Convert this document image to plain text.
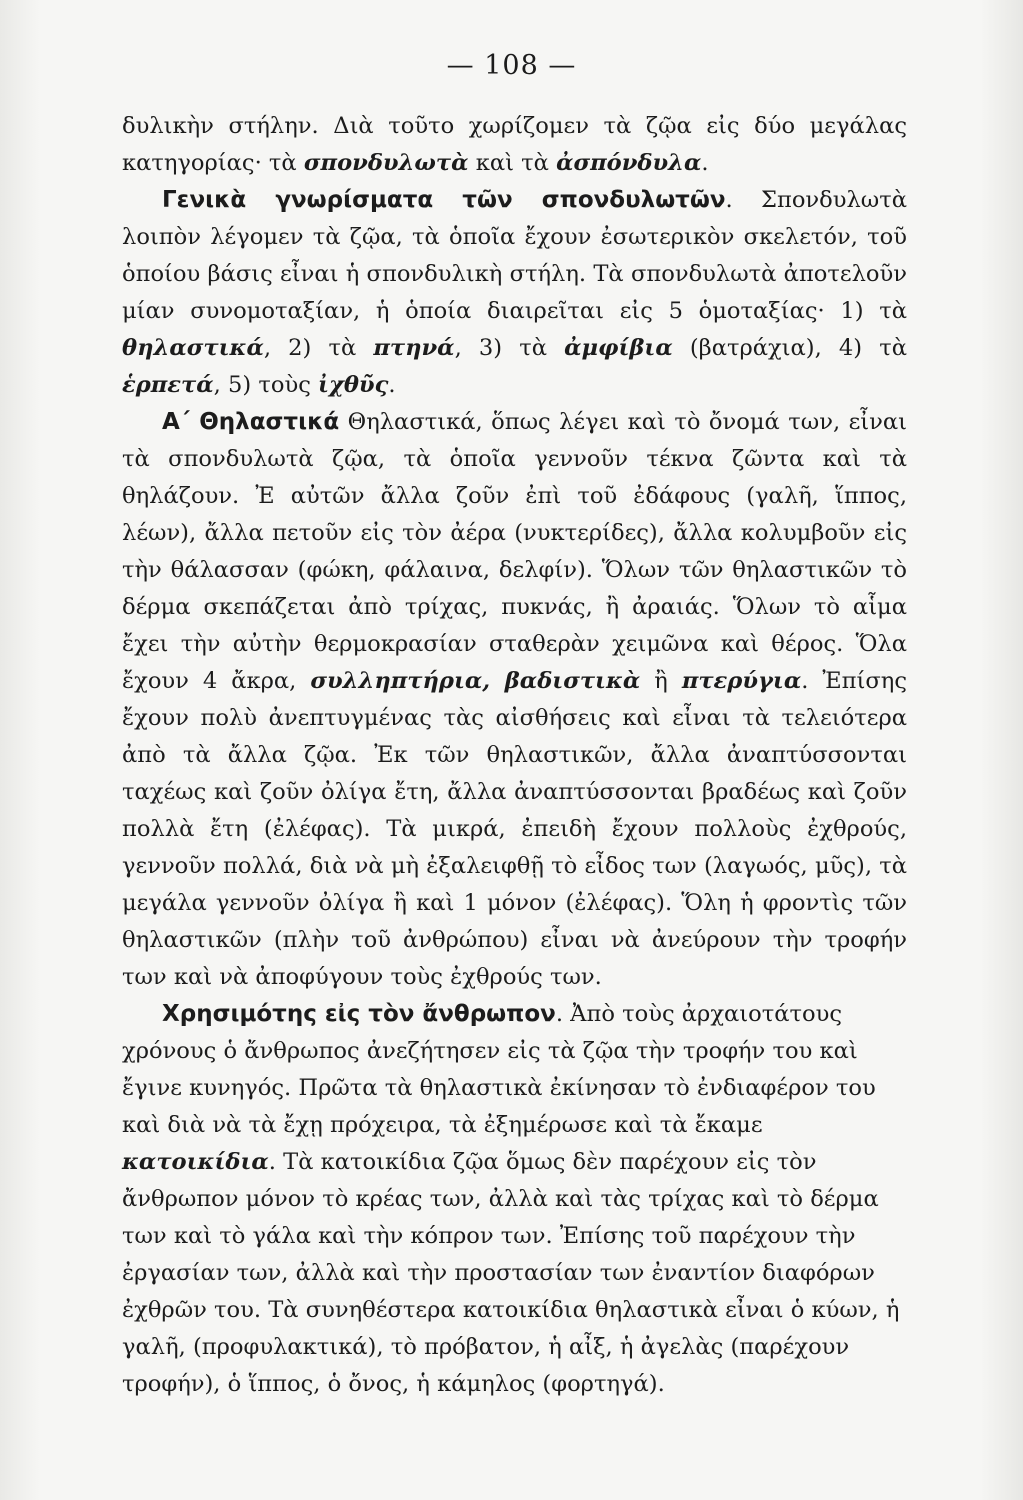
— 108 —

δυλικὴν στήλην. Διὰ τοῦτο χωρίζομεν τὰ ζῷα εἰς δύο μεγάλας κατηγορίας· τὰ σπονδυλωτὰ καὶ τὰ ἀσπόνδυλα.

Γενικὰ γνωρίσματα τῶν σπονδυλωτῶν. Σπονδυλωτὰ λοιπὸν λέγομεν τὰ ζῷα, τὰ ὁποῖα ἔχουν ἐσωτερικὸν σκελετόν, τοῦ ὁποίου βάσις εἶναι ἡ σπονδυλικὴ στήλη. Τὰ σπονδυλωτὰ ἀποτελοῦν μίαν συνομοταξίαν, ἡ ὁποία διαιρεῖται εἰς 5 ὁμοταξίας· 1) τὰ θηλαστικά, 2) τὰ πτηνά, 3) τὰ ἀμφίβια (βατράχια), 4) τὰ ἑρπετά, 5) τοὺς ἰχθῦς.

Α΄ Θηλαστικά Θηλαστικά, ὅπως λέγει καὶ τὸ ὄνομά των, εἶναι τὰ σπονδυλωτὰ ζῷα, τὰ ὁποῖα γεννοῦν τέκνα ζῶντα καὶ τὰ θηλάζουν. Ἐ αὐτῶν ἄλλα ζοῦν ἐπὶ τοῦ ἐδάφους (γαλῆ, ἵππος, λέων), ἄλλα πετοῦν εἰς τὸν ἀέρα (νυκτερίδες), ἄλλα κολυμβοῦν εἰς τὴν θάλασσαν (φώκη, φάλαινα, δελφίν). Ὅλων τῶν θηλαστικῶν τὸ δέρμα σκεπάζεται ἀπὸ τρίχας, πυκνάς, ἢ ἀραιάς. Ὅλων τὸ αἷμα ἔχει τὴν αὐτὴν θερμοκρασίαν σταθερὰν χειμῶνα καὶ θέρος. Ὅλα ἔχουν 4 ἄκρα, συλληπτήρια, βαδιστικὰ ἢ πτερύγια. Ἐπίσης ἔχουν πολὺ ἀνεπτυγμένας τὰς αἰσθήσεις καὶ εἶναι τὰ τελειότερα ἀπὸ τὰ ἄλλα ζῷα. Ἐκ τῶν θηλαστικῶν, ἄλλα ἀναπτύσσονται ταχέως καὶ ζοῦν ὀλίγα ἔτη, ἄλλα ἀναπτύσσονται βραδέως καὶ ζοῦν πολλὰ ἔτη (ἐλέφας). Τὰ μικρά, ἐπειδὴ ἔχουν πολλοὺς ἐχθρούς, γεννοῦν πολλά, διὰ νὰ μὴ ἐξαλειφθῇ τὸ εἶδος των (λαγωός, μῦς), τὰ μεγάλα γεννοῦν ὀλίγα ἢ καὶ 1 μόνον (ἐλέφας). Ὅλη ἡ φροντὶς τῶν θηλαστικῶν (πλὴν τοῦ ἀνθρώπου) εἶναι νὰ ἀνεύρουν τὴν τροφήν των καὶ νὰ ἀποφύγουν τοὺς ἐχθρούς των.

Χρησιμότης εἰς τὸν ἄνθρωπον. Ἀπὸ τοὺς ἀρχαιοτάτους χρόνους ὁ ἄνθρωπος ἀνεζήτησεν εἰς τὰ ζῷα τὴν τροφήν του καὶ ἔγινε κυνηγός. Πρῶτα τὰ θηλαστικὰ ἐκίνησαν τὸ ἐνδιαφέρον του καὶ διὰ νὰ τὰ ἔχῃ πρόχειρα, τὰ ἐξημέρωσε καὶ τὰ ἔκαμε κατοικίδια. Τὰ κατοικίδια ζῷα ὅμως δὲν παρέχουν εἰς τὸν ἄνθρωπον μόνον τὸ κρέας των, ἀλλὰ καὶ τὰς τρίχας καὶ τὸ δέρμα των καὶ τὸ γάλα καὶ τὴν κόπρον των. Ἐπίσης τοῦ παρέχουν τὴν ἐργασίαν των, ἀλλὰ καὶ τὴν προστασίαν των ἐναντίον διαφόρων ἐχθρῶν του. Τὰ συνηθέστερα κατοικίδια θηλαστικὰ εἶναι ὁ κύων, ἡ γαλῆ, (προφυλακτικά), τὸ πρόβατον, ἡ αἶξ, ἡ ἀγελὰς (παρέχουν τροφήν), ὁ ἵππος, ὁ ὄνος, ἡ κάμηλος (φορτηγά).
